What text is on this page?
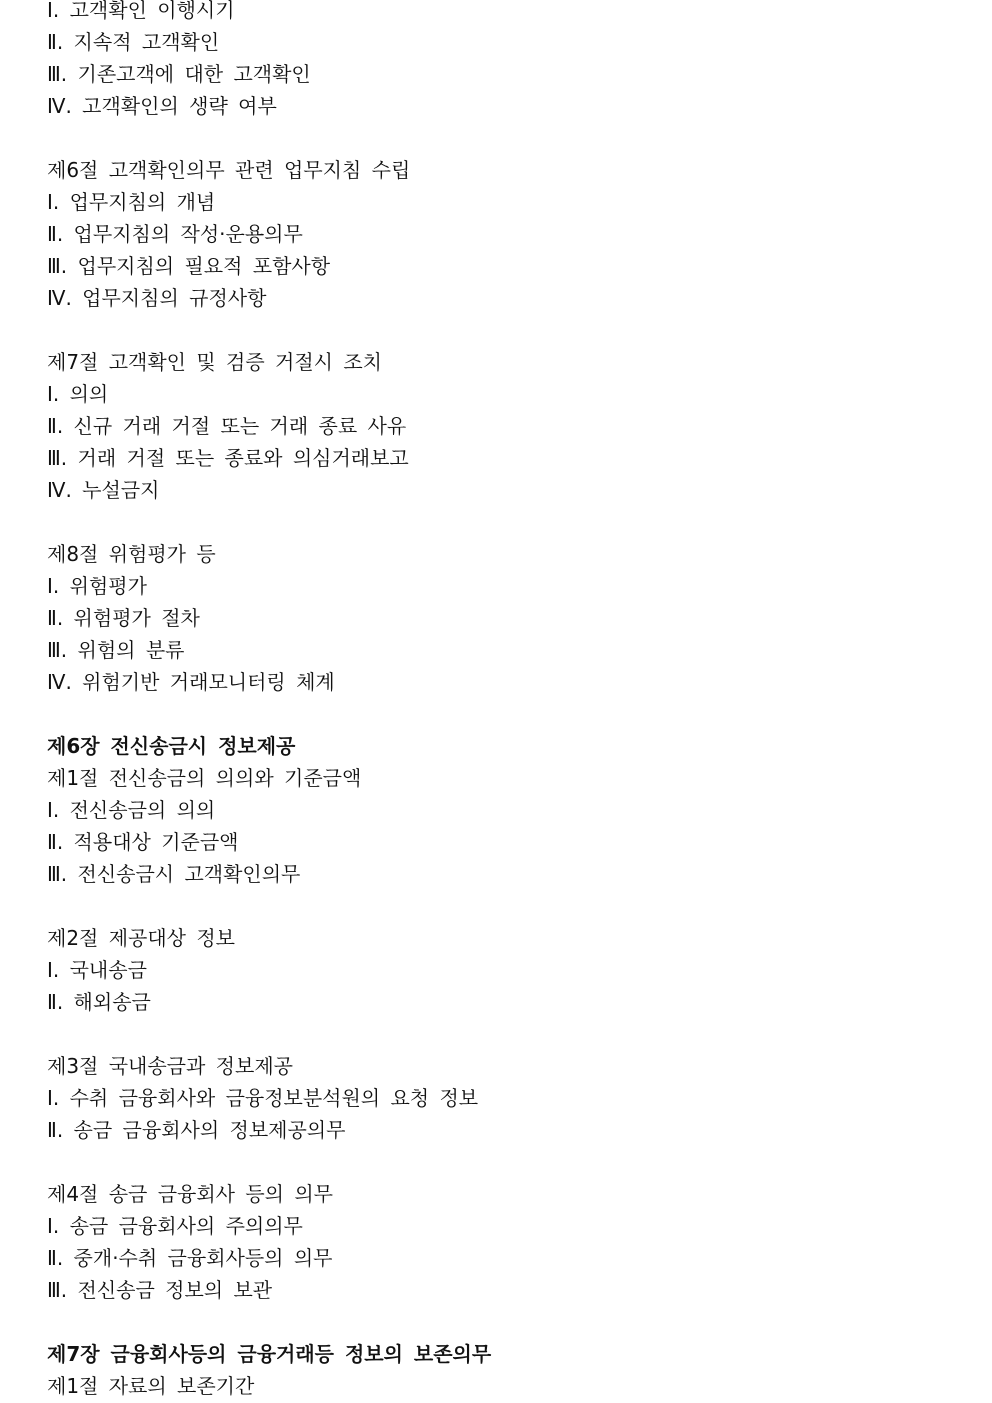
Ⅰ. 고객확인 이행시기
Ⅱ. 지속적 고객확인
Ⅲ. 기존고객에 대한 고객확인
Ⅳ. 고객확인의 생략 여부
제6절 고객확인의무 관련 업무지침 수립
Ⅰ. 업무지침의 개념
Ⅱ. 업무지침의 작성·운용의무
Ⅲ. 업무지침의 필요적 포함사항
Ⅳ. 업무지침의 규정사항
제7절 고객확인 및 검증 거절시 조치
Ⅰ. 의의
Ⅱ. 신규 거래 거절 또는 거래 종료 사유
Ⅲ. 거래 거절 또는 종료와 의심거래보고
Ⅳ. 누설금지
제8절 위험평가 등
Ⅰ. 위험평가
Ⅱ. 위험평가 절차
Ⅲ. 위험의 분류
Ⅳ. 위험기반 거래모니터링 체계
제6장 전신송금시 정보제공
제1절 전신송금의 의의와 기준금액
Ⅰ. 전신송금의 의의
Ⅱ. 적용대상 기준금액
Ⅲ. 전신송금시 고객확인의무
제2절 제공대상 정보
Ⅰ. 국내송금
Ⅱ. 해외송금
제3절 국내송금과 정보제공
Ⅰ. 수취 금융회사와 금융정보분석원의 요청 정보
Ⅱ. 송금 금융회사의 정보제공의무
제4절 송금 금융회사 등의 의무
Ⅰ. 송금 금융회사의 주의의무
Ⅱ. 중개·수취 금융회사등의 의무
Ⅲ. 전신송금 정보의 보관
제7장 금융회사등의 금융거래등 정보의 보존의무
제1절 자료의 보존기간
